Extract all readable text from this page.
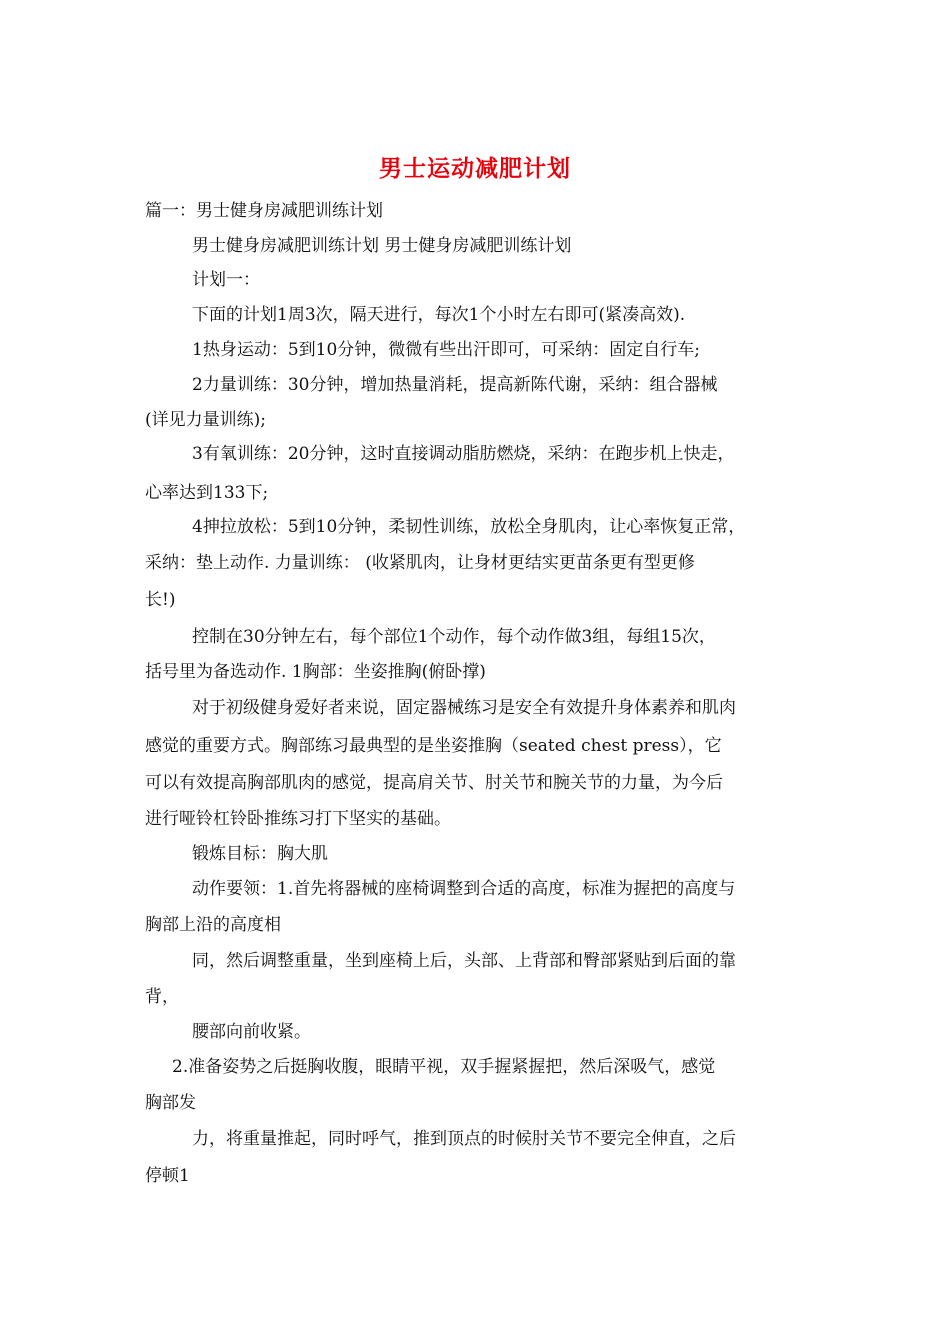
男士运动减肥计划
篇一：男士健身房减肥训练计划
男士健身房减肥训练计划 男士健身房减肥训练计划
计划一：
下面的计划1周3次，隔天进行，每次1个小时左右即可(紧凑高效).
1热身运动：5到10分钟，微微有些出汗即可，可采纳：固定自行车;
2力量训练：30分钟，增加热量消耗，提高新陈代谢，采纳：组合器械
(详见力量训练);
3有氧训练：20分钟，这时直接调动脂肪燃烧，采纳：在跑步机上快走，
心率达到133下;
4抻拉放松：5到10分钟，柔韧性训练，放松全身肌肉，让心率恢复正常，
采纳：垫上动作. 力量训练： (收紧肌肉，让身材更结实更苗条更有型更修
长!)
控制在30分钟左右，每个部位1个动作，每个动作做3组，每组15次，
括号里为备选动作. 1胸部：坐姿推胸(俯卧撑)
对于初级健身爱好者来说，固定器械练习是安全有效提升身体素养和肌肉
感觉的重要方式。胸部练习最典型的是坐姿推胸（seated chest press），它
可以有效提高胸部肌肉的感觉，提高肩关节、肘关节和腕关节的力量，为今后
进行哑铃杠铃卧推练习打下坚实的基础。
锻炼目标：胸大肌
动作要领：1.首先将器械的座椅调整到合适的高度，标准为握把的高度与
胸部上沿的高度相
同，然后调整重量，坐到座椅上后，头部、上背部和臀部紧贴到后面的靠
背，
腰部向前收紧。
2.准备姿势之后挺胸收腹，眼睛平视，双手握紧握把，然后深吸气，感觉
胸部发
力，将重量推起，同时呼气，推到顶点的时候肘关节不要完全伸直，之后
停顿1
